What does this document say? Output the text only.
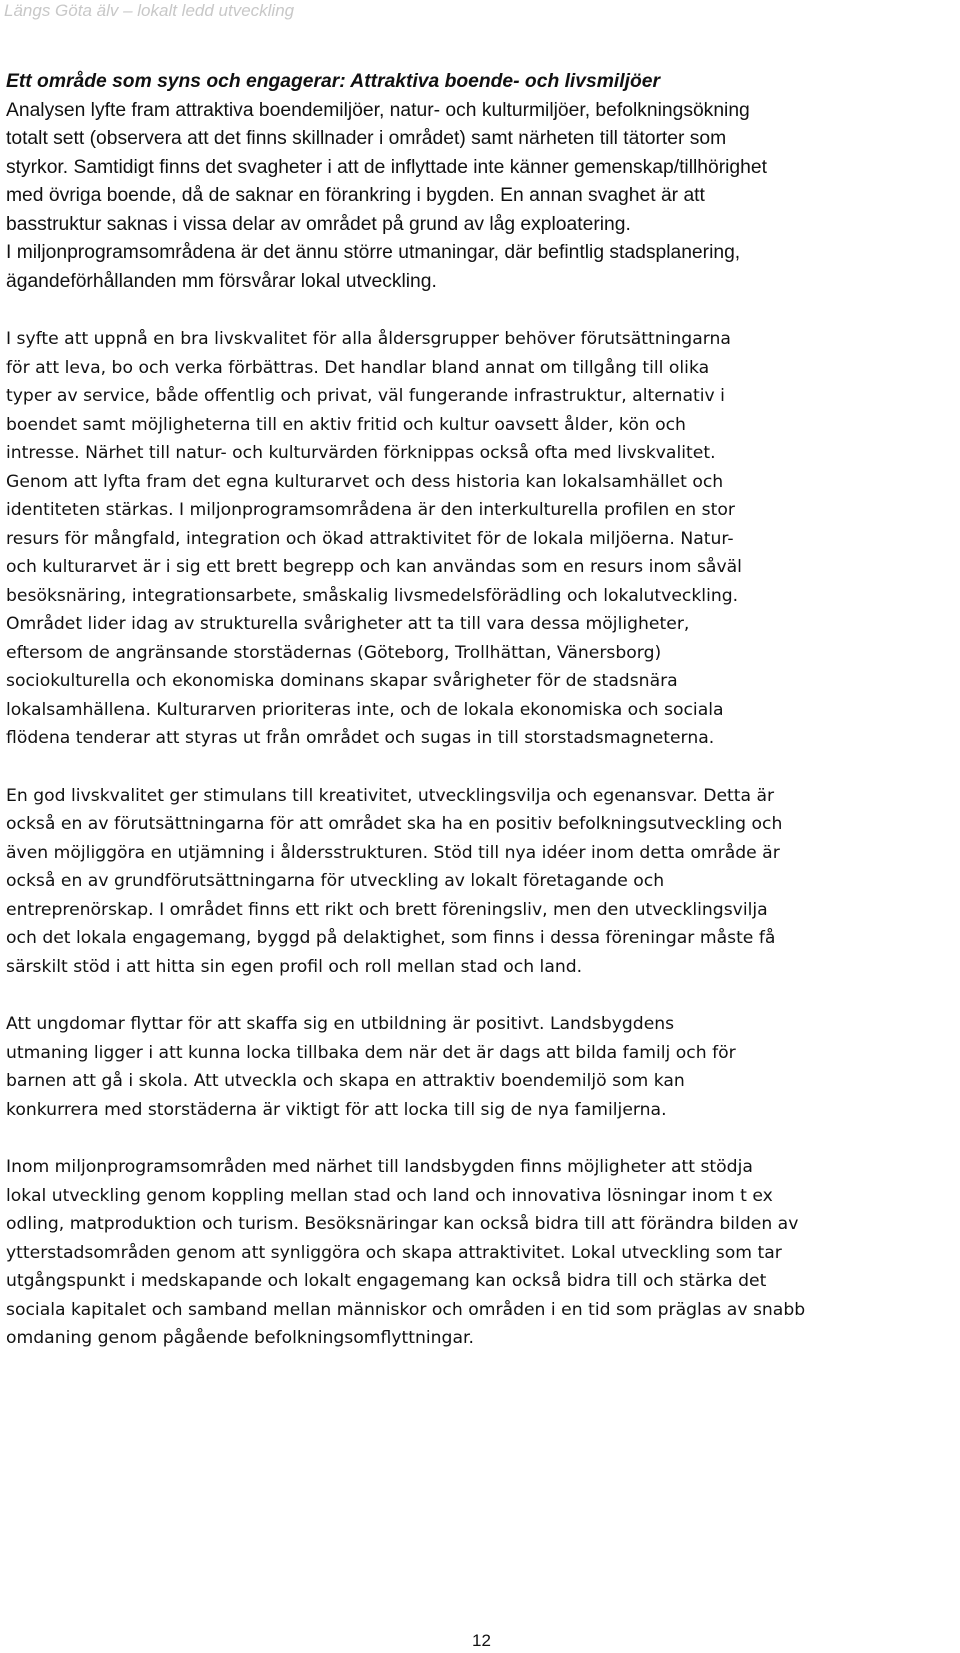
Längs Göta älv – lokalt ledd utveckling
Ett område som syns och engagerar: Attraktiva boende- och livsmiljöer
Analysen lyfte fram attraktiva boendemiljöer, natur- och kulturmiljöer, befolkningsökning
totalt sett (observera att det finns skillnader i området) samt närheten till tätorter som
styrkor. Samtidigt finns det svagheter i att de inflyttade inte känner gemenskap/tillhörighet
med övriga boende, då de saknar en förankring i bygden. En annan svaghet är att
basstruktur saknas i vissa delar av området på grund av låg exploatering.
I miljonprogramsområdena är det ännu större utmaningar, där befintlig stadsplanering,
ägandeförhållanden mm försvårar lokal utveckling.
I syfte att uppnå en bra livskvalitet för alla åldersgrupper behöver förutsättningarna
för att leva, bo och verka förbättras. Det handlar bland annat om tillgång till olika
typer av service, både offentlig och privat, väl fungerande infrastruktur, alternativ i
boendet samt möjligheterna till en aktiv fritid och kultur oavsett ålder, kön och
intresse. Närhet till natur- och kulturvärden förknippas också ofta med livskvalitet.
Genom att lyfta fram det egna kulturarvet och dess historia kan lokalsamhället och
identiteten stärkas. I miljonprogramsområdena är den interkulturella profilen en stor
resurs för mångfald, integration och ökad attraktivitet för de lokala miljöerna. Natur-
och kulturarvet är i sig ett brett begrepp och kan användas som en resurs inom såväl
besöksnäring, integrationsarbete, småskalig livsmedelsförädling och lokalutveckling.
Området lider idag av strukturella svårigheter att ta till vara dessa möjligheter,
eftersom de angränsande storstädernas (Göteborg, Trollhättan, Vänersborg)
sociokulturella och ekonomiska dominans skapar svårigheter för de stadsnära
lokalsamhällena. Kulturarven prioriteras inte, och de lokala ekonomiska och sociala
flödena tenderar att styras ut från området och sugas in till storstadsmagneterna.
En god livskvalitet ger stimulans till kreativitet, utvecklingsvilja och egenansvar. Detta är
också en av förutsättningarna för att området ska ha en positiv befolkningsutveckling och
även möjliggöra en utjämning i åldersstrukturen. Stöd till nya idéer inom detta område är
också en av grundförutsättningarna för utveckling av lokalt företagande och
entreprenörskap. I området finns ett rikt och brett föreningsliv, men den utvecklingsvilja
och det lokala engagemang, byggd på delaktighet, som finns i dessa föreningar måste få
särskilt stöd i att hitta sin egen profil och roll mellan stad och land.
Att ungdomar flyttar för att skaffa sig en utbildning är positivt. Landsbygdens
utmaning ligger i att kunna locka tillbaka dem när det är dags att bilda familj och för
barnen att gå i skola. Att utveckla och skapa en attraktiv boendemiljö som kan
konkurrera med storstäderna är viktigt för att locka till sig de nya familjerna.
Inom miljonprogramsområden med närhet till landsbygden finns möjligheter att stödja
lokal utveckling genom koppling mellan stad och land och innovativa lösningar inom t ex
odling, matproduktion och turism. Besöksnäringar kan också bidra till att förändra bilden av
ytterstadsområden genom att synliggöra och skapa attraktivitet. Lokal utveckling som tar
utgångspunkt i medskapande och lokalt engagemang kan också bidra till och stärka det
sociala kapitalet och samband mellan människor och områden i en tid som präglas av snabb
omdaning genom pågående befolkningsomflyttningar.
12
